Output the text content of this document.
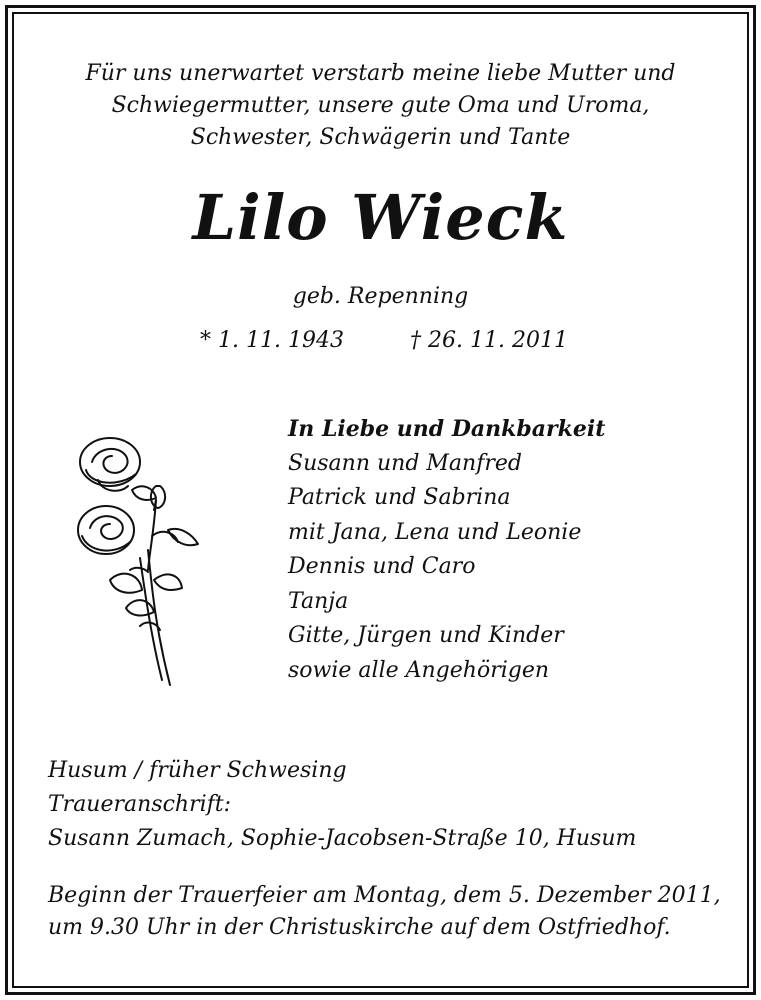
Für uns unerwartet verstarb meine liebe Mutter und
Schwiegermutter, unsere gute Oma und Uroma,
Schwester, Schwägerin und Tante
Lilo Wieck
geb. Repenning
* 1. 11. 1943	† 26. 11. 2011
In Liebe und Dankbarkeit
Susann und Manfred
Patrick und Sabrina
mit Jana, Lena und Leonie
Dennis und Caro
Tanja
Gitte, Jürgen und Kinder
sowie alle Angehörigen
Husum / früher Schwesing
Traueranschrift:
Susann Zumach, Sophie-Jacobsen-Straße 10, Husum
Beginn der Trauerfeier am Montag, dem 5. Dezember 2011,
um 9.30 Uhr in der Christuskirche auf dem Ostfriedhof.
